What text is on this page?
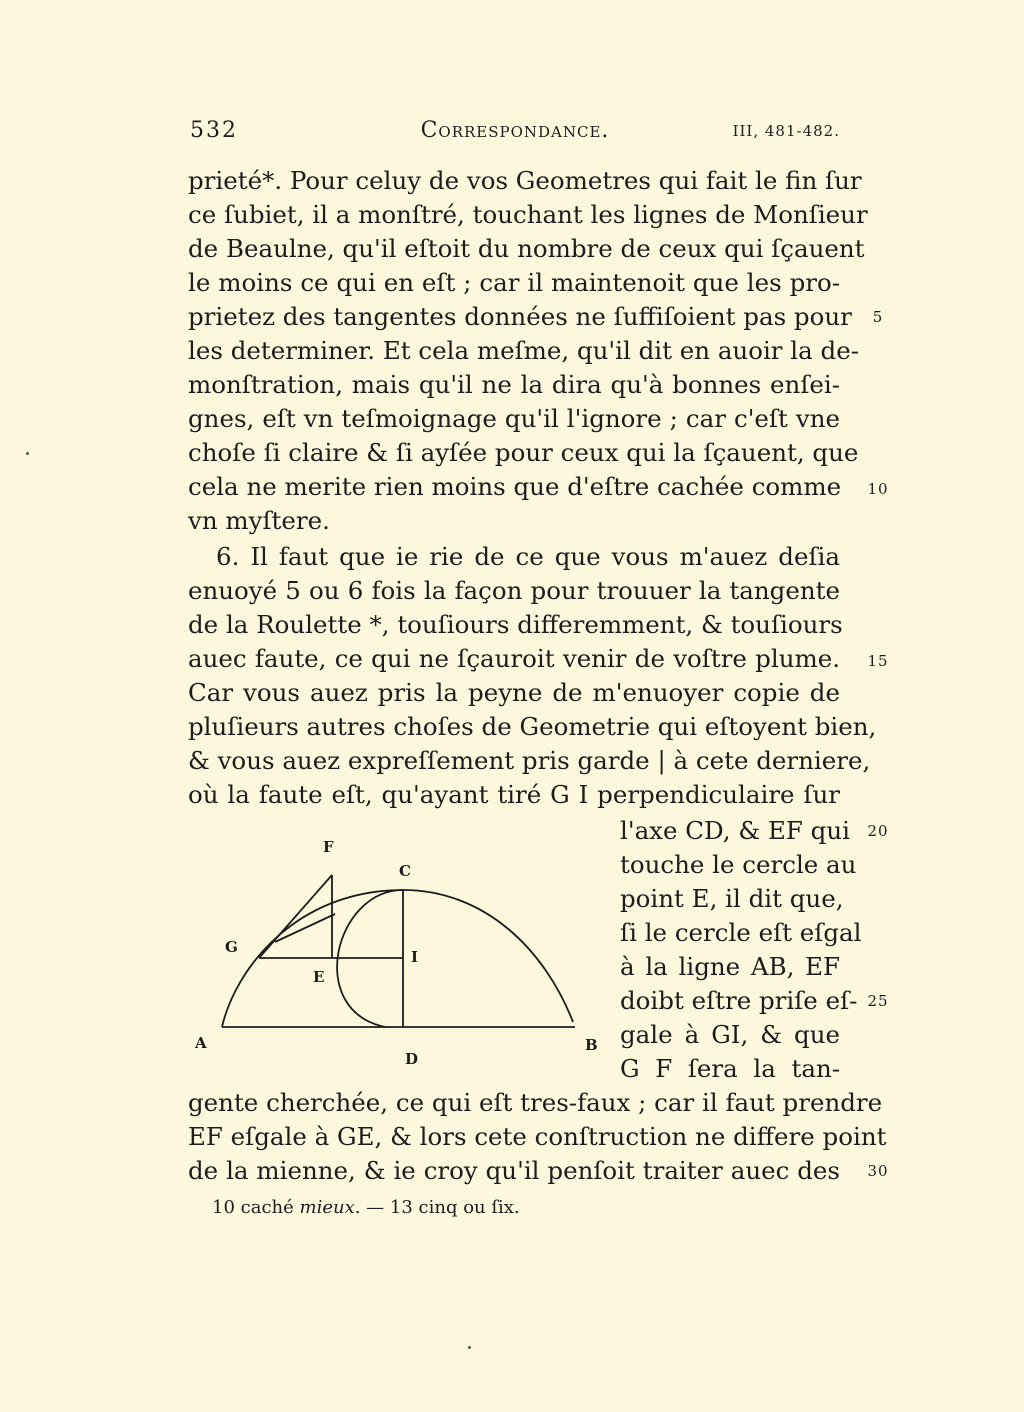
532	Correspondance.	III, 481-482.
prieté*. Pour celuy de vos Geometres qui fait le fin ſur
ce ſubiet, il a monſtré, touchant les lignes de Monſieur
de Beaulne, qu'il eſtoit du nombre de ceux qui ſçauent
le moins ce qui en eſt ; car il maintenoit que les pro-
prietez des tangentes données ne ſuffiſoient pas pour
les determiner. Et cela meſme, qu'il dit en auoir la de-
monſtration, mais qu'il ne la dira qu'à bonnes enſei-
gnes, eſt vn teſmoignage qu'il l'ignore ; car c'eſt vne
choſe ſi claire & ſi ayſée pour ceux qui la ſçauent, que
cela ne merite rien moins que d'eſtre cachée comme
vn myſtere.
6. Il faut que ie rie de ce que vous m'auez deſia
enuoyé 5 ou 6 fois la façon pour trouuer la tangente
de la Roulette *, touſiours differemment, & touſiours
auec faute, ce qui ne ſçauroit venir de voſtre plume.
Car vous auez pris la peyne de m'enuoyer copie de
pluſieurs autres choſes de Geometrie qui eſtoyent bien,
& vous auez expreſſement pris garde | à cete derniere,
où la faute eſt, qu'ayant tiré G I perpendiculaire ſur
l'axe CD, & EF qui
touche le cercle au
point E, il dit que,
ſi le cercle eſt eſgal
à la ligne AB, EF
doibt eſtre priſe eſ-
gale à GI, & que
G F ſera la tan-
gente cherchée, ce qui eſt tres-faux ; car il faut prendre
EF eſgale à GE, & lors cete conſtruction ne differe point
de la mienne, & ie croy qu'il penſoit traiter auec des
5
10
15
20
25
30
F
C
G
I
E
A
D
B
10 caché mieux. — 13 cinq ou ſix.
